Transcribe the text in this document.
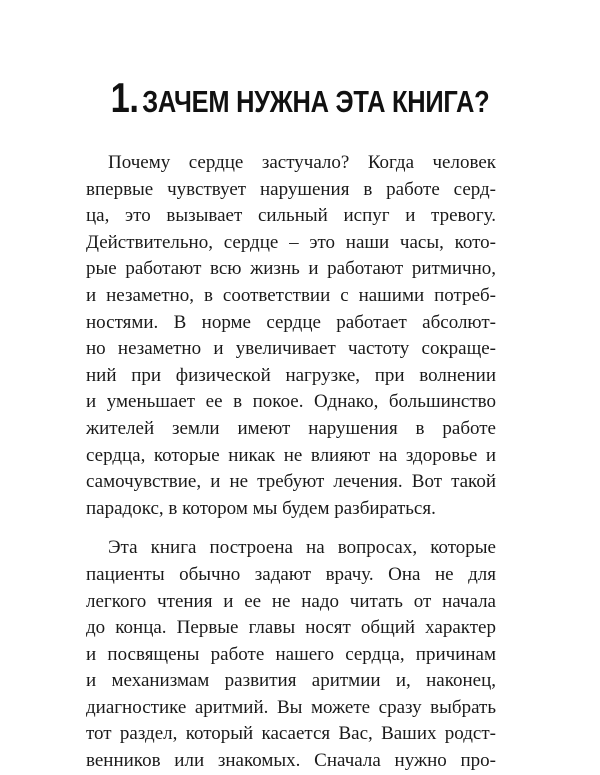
1. ЗАЧЕМ НУЖНА ЭТА КНИГА?
Почему сердце застучало? Когда человек
впервые чувствует нарушения в работе серд-
ца, это вызывает сильный испуг и тревогу.
Действительно, сердце – это наши часы, кото-
рые работают всю жизнь и работают ритмично,
и незаметно, в соответствии с нашими потреб-
ностями. В норме сердце работает абсолют-
но незаметно и увеличивает частоту сокраще-
ний при физической нагрузке, при волнении
и уменьшает ее в покое. Однако, большинство
жителей земли имеют нарушения в работе
сердца, которые никак не влияют на здоровье и
самочувствие, и не требуют лечения. Вот такой
парадокс, в котором мы будем разбираться.
Эта книга построена на вопросах, которые
пациенты обычно задают врачу. Она не для
легкого чтения и ее не надо читать от начала
до конца. Первые главы носят общий характер
и посвящены работе нашего сердца, причинам
и механизмам развития аритмии и, наконец,
диагностике аритмий. Вы можете сразу выбрать
тот раздел, который касается Вас, Ваших родст-
венников или знакомых. Сначала нужно про-
